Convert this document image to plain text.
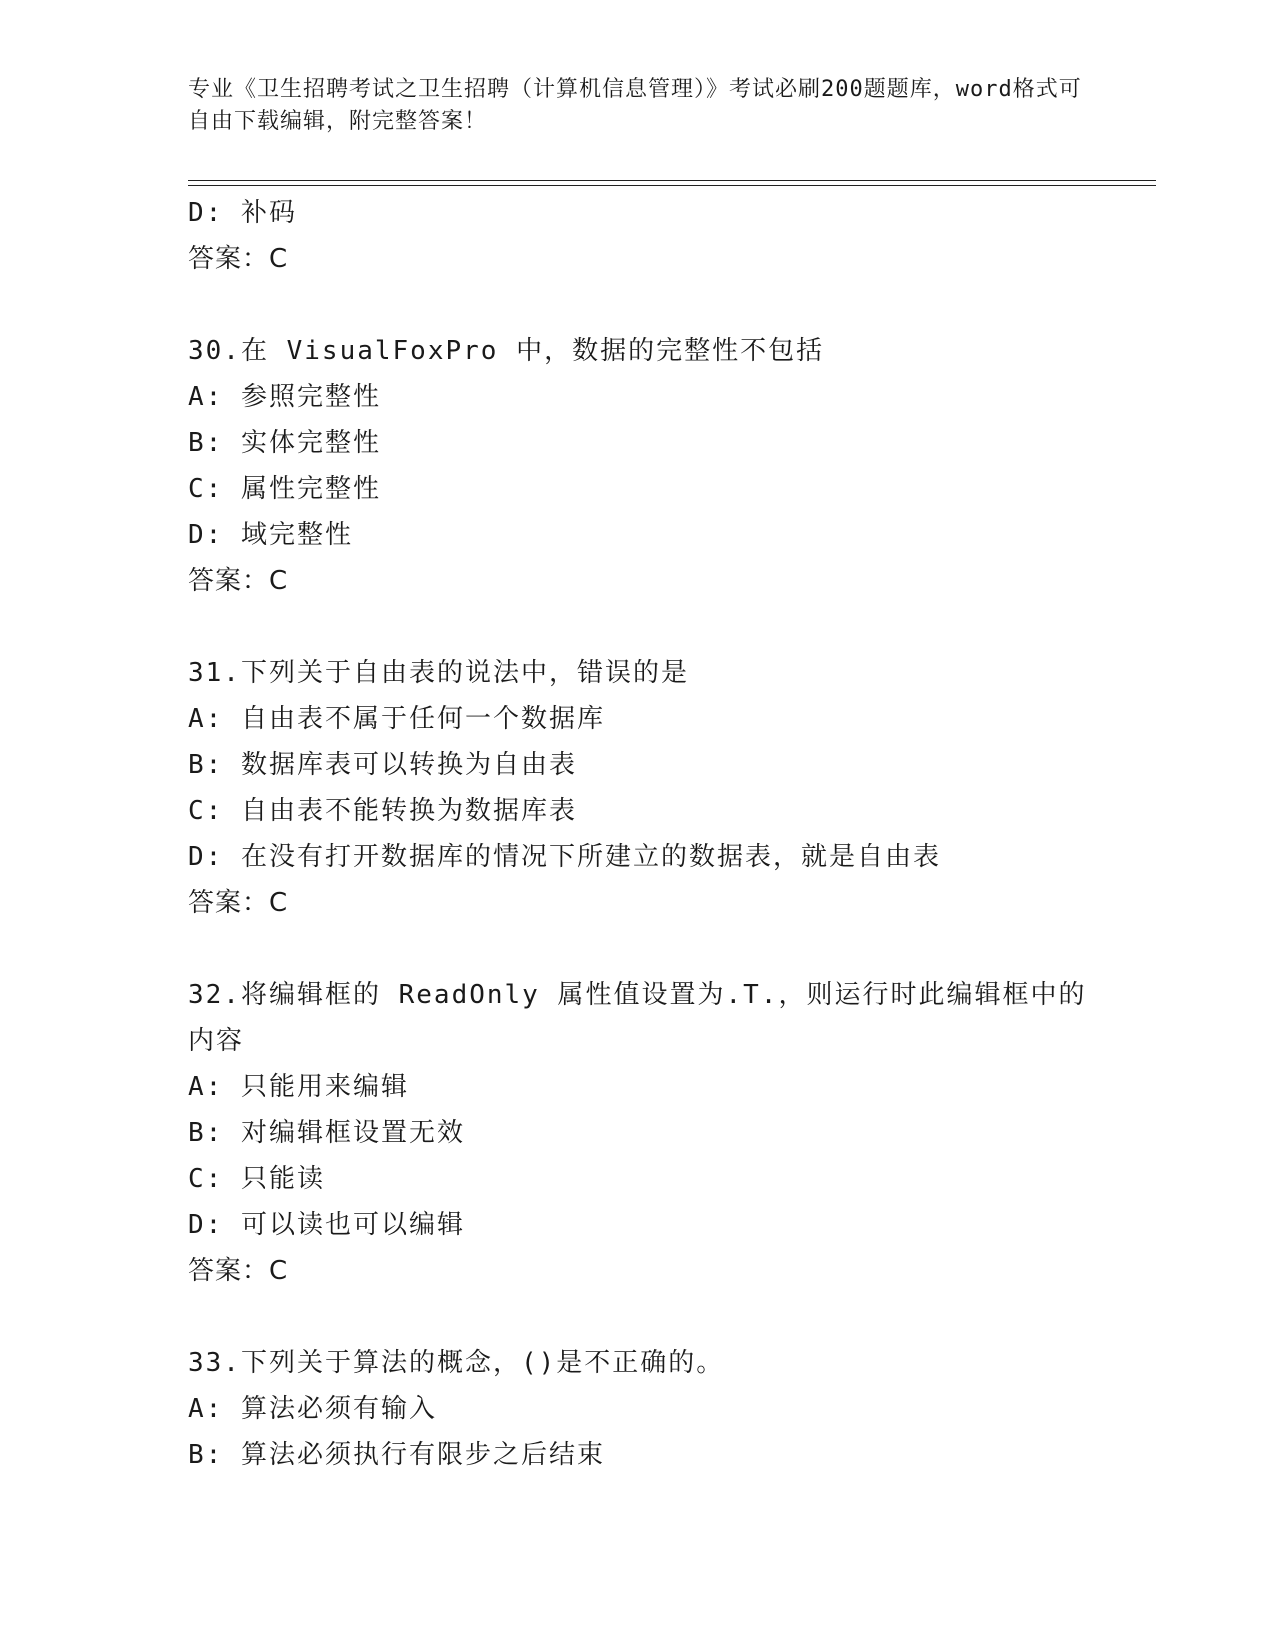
专业《卫生招聘考试之卫生招聘（计算机信息管理）》考试必刷200题题库，word格式可自由下载编辑，附完整答案！
D: 补码
答案：C
30.在 VisualFoxPro 中，数据的完整性不包括
A: 参照完整性
B: 实体完整性
C: 属性完整性
D: 域完整性
答案：C
31.下列关于自由表的说法中，错误的是
A: 自由表不属于任何一个数据库
B: 数据库表可以转换为自由表
C: 自由表不能转换为数据库表
D: 在没有打开数据库的情况下所建立的数据表，就是自由表
答案：C
32.将编辑框的 ReadOnly 属性值设置为.T.，则运行时此编辑框中的内容
A: 只能用来编辑
B: 对编辑框设置无效
C: 只能读
D: 可以读也可以编辑
答案：C
33.下列关于算法的概念，()是不正确的。
A: 算法必须有输入
B: 算法必须执行有限步之后结束
